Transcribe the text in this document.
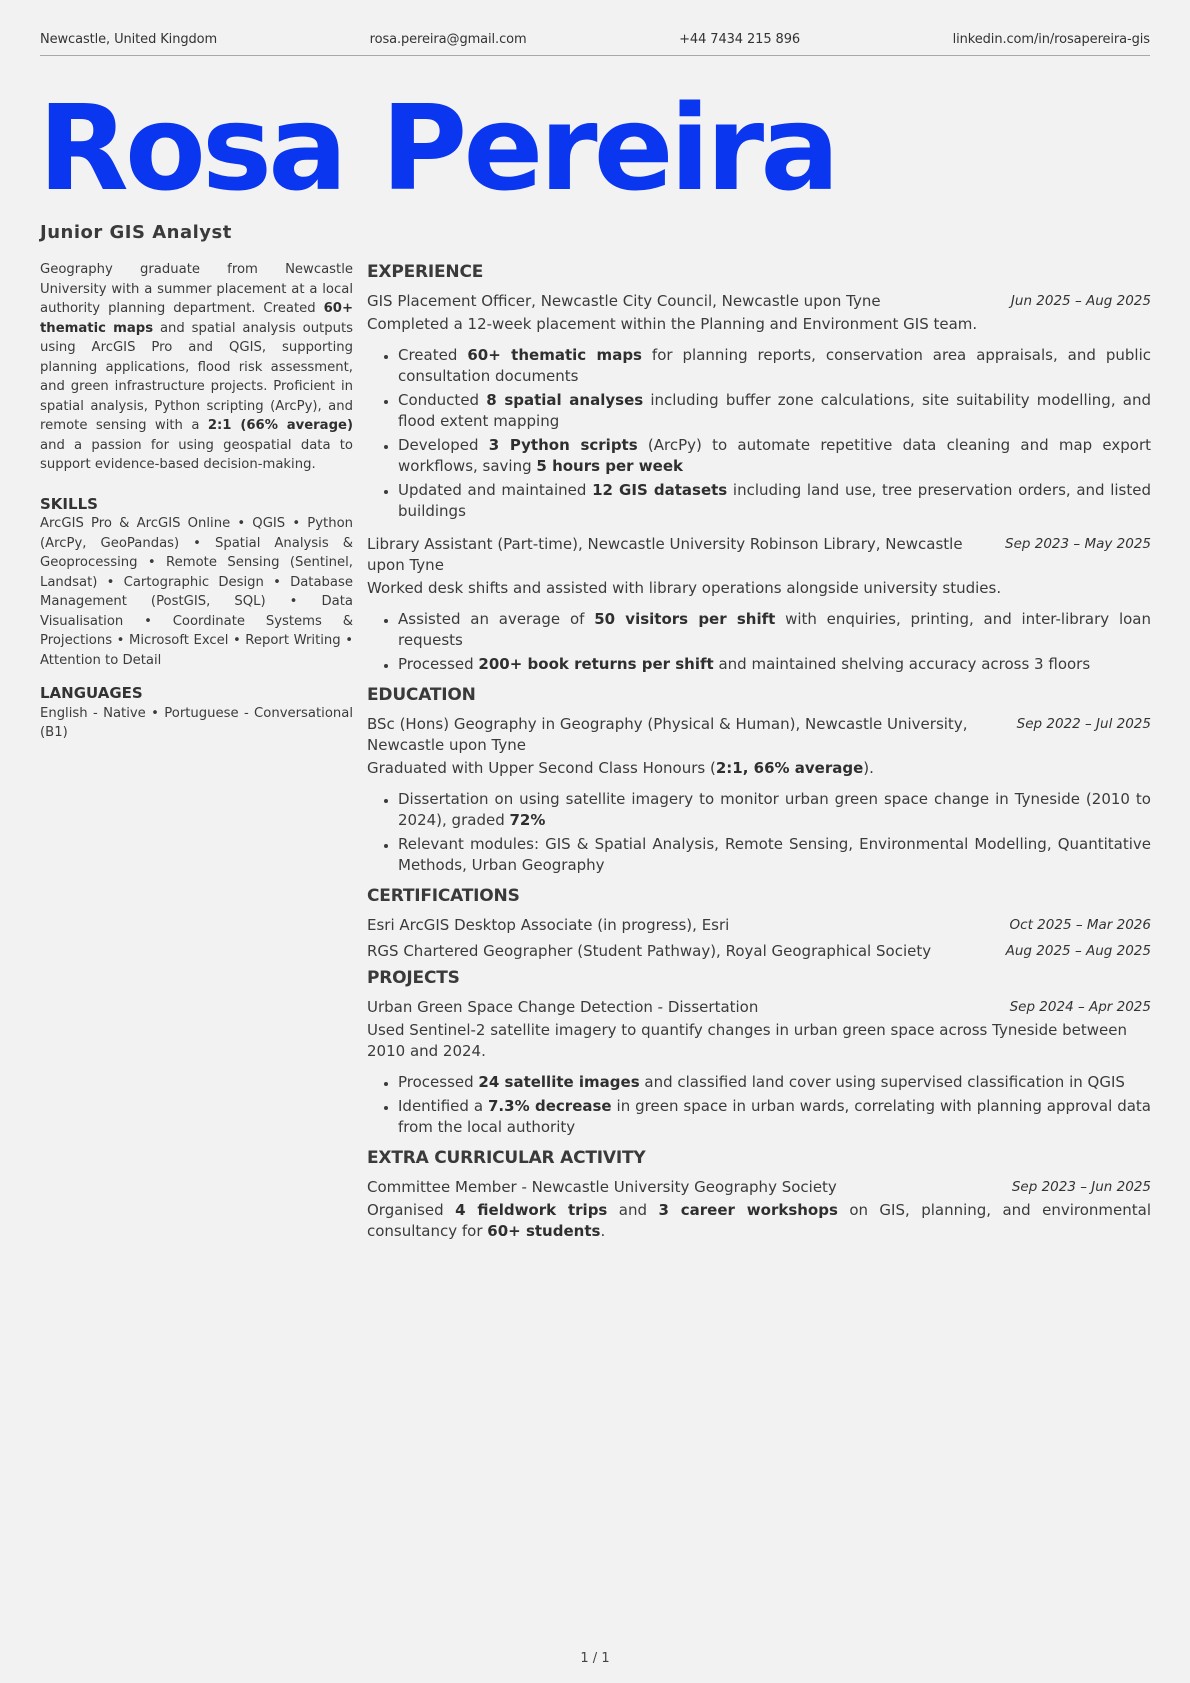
Newcastle, United Kingdom	rosa.pereira@gmail.com	+44 7434 215 896	linkedin.com/in/rosapereira-gis
Rosa Pereira
Junior GIS Analyst

Geography graduate from Newcastle University with a summer placement at a local authority planning department. Created 60+ thematic maps and spatial analysis outputs using ArcGIS Pro and QGIS, supporting planning applications, flood risk assessment, and green infrastructure projects. Proficient in spatial analysis, Python scripting (ArcPy), and remote sensing with a 2:1 (66% average) and a passion for using geospatial data to support evidence-based decision-making.

SKILLS

ArcGIS Pro & ArcGIS Online • QGIS • Python (ArcPy, GeoPandas) • Spatial Analysis & Geoprocessing • Remote Sensing (Sentinel, Landsat) • Cartographic Design • Database Management (PostGIS, SQL) • Data Visualisation • Coordinate Systems & Projections • Microsoft Excel • Report Writing • Attention to Detail

LANGUAGES

English - Native • Portuguese - Conversational (B1)

EXPERIENCE
GIS Placement Officer, Newcastle City Council, Newcastle upon Tyne	Jun 2025 – Aug 2025

Completed a 12-week placement within the Planning and Environment GIS team.

• Created 60+ thematic maps for planning reports, conservation area appraisals, and public consultation documents
• Conducted 8 spatial analyses including buffer zone calculations, site suitability modelling, and flood extent mapping
• Developed 3 Python scripts (ArcPy) to automate repetitive data cleaning and map export workflows, saving 5 hours per week
• Updated and maintained 12 GIS datasets including land use, tree preservation orders, and listed buildings
Library Assistant (Part-time), Newcastle University Robinson Library, Newcastle upon Tyne
Sep 2023 – May 2025

Worked desk shifts and assisted with library operations alongside university studies.

• Assisted an average of 50 visitors per shift with enquiries, printing, and inter-library loan requests
• Processed 200+ book returns per shift and maintained shelving accuracy across 3 floors
EDUCATION
BSc (Hons) Geography in Geography (Physical & Human), Newcastle University, Newcastle upon Tyne
Sep 2022 – Jul 2025

Graduated with Upper Second Class Honours (2:1, 66% average).

• Dissertation on using satellite imagery to monitor urban green space change in Tyneside (2010 to 2024), graded 72%
• Relevant modules: GIS & Spatial Analysis, Remote Sensing, Environmental Modelling, Quantitative Methods, Urban Geography
CERTIFICATIONS
Esri ArcGIS Desktop Associate (in progress), Esri	Oct 2025 – Mar 2026
RGS Chartered Geographer (Student Pathway), Royal Geographical Society	Aug 2025 – Aug 2025
PROJECTS
Urban Green Space Change Detection - Dissertation	Sep 2024 – Apr 2025

Used Sentinel-2 satellite imagery to quantify changes in urban green space across Tyneside between 2010 and 2024.

• Processed 24 satellite images and classified land cover using supervised classification in QGIS
• Identified a 7.3% decrease in green space in urban wards, correlating with planning approval data from the local authority
EXTRA CURRICULAR ACTIVITY
Committee Member - Newcastle University Geography Society	Sep 2023 – Jun 2025

Organised 4 fieldwork trips and 3 career workshops on GIS, planning, and environmental consultancy for 60+ students.

1 / 1
